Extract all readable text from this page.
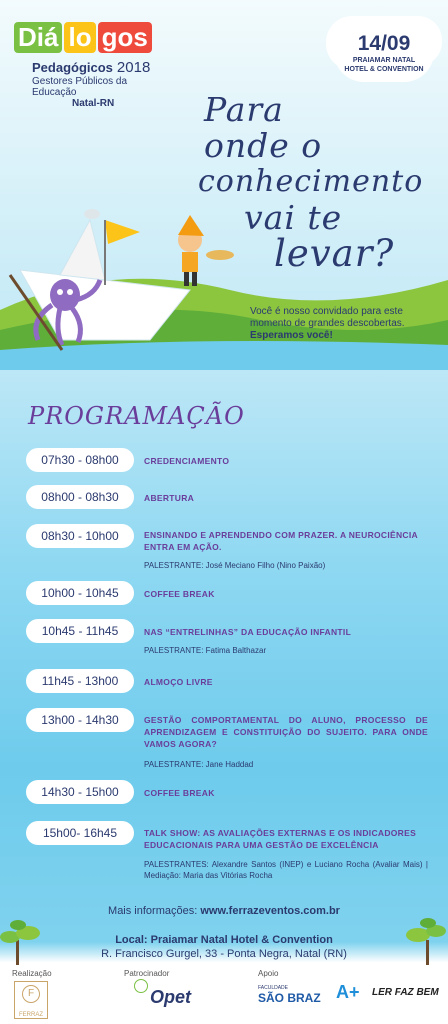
Diá lo gos
Pedagógicos 2018
Gestores Públicos da Educação
Natal-RN
14/09
PRAIAMAR NATAL
HOTEL & CONVENTION
Para
onde o
conhecimento
vai te
levar?
Você é nosso convidado para este momento de grandes descobertas. Esperamos você!
PROGRAMAÇÃO
07h30 - 08h00	CREDENCIAMENTO
08h00 - 08h30	ABERTURA
08h30 - 10h00	ENSINANDO E APRENDENDO COM PRAZER. A NEUROCIÊNCIA ENTRA EM AÇÃO.
PALESTRANTE: José Meciano Filho (Nino Paixão)
10h00 - 10h45	COFFEE BREAK
10h45 - 11h45	NAS “ENTRELINHAS” DA EDUCAÇÃO INFANTIL
PALESTRANTE: Fatima Balthazar
11h45 - 13h00	ALMOÇO LIVRE
13h00 - 14h30	GESTÃO COMPORTAMENTAL DO ALUNO, PROCESSO DE APRENDIZAGEM E CONSTITUIÇÃO DO SUJEITO. PARA ONDE VAMOS AGORA?
PALESTRANTE: Jane Haddad
14h30 - 15h00	COFFEE BREAK
15h00- 16h45	TALK SHOW: AS AVALIAÇÕES EXTERNAS E OS INDICADORES EDUCACIONAIS PARA UMA GESTÃO DE EXCELÊNCIA
PALESTRANTES: Alexandre Santos (INEP) e Luciano Rocha (Avaliar Mais) | Mediação: Maria das Vitórias Rocha
Mais informações: www.ferrazeventos.com.br
Local: Praiamar Natal Hotel & Convention
R. Francisco Gurgel, 33 - Ponta Negra, Natal (RN)
Realização	Patrocinador	Apoio
F
FERRAZ
Opet	FACULDADE
SÃO BRAZ A+ LER FAZ BEM
